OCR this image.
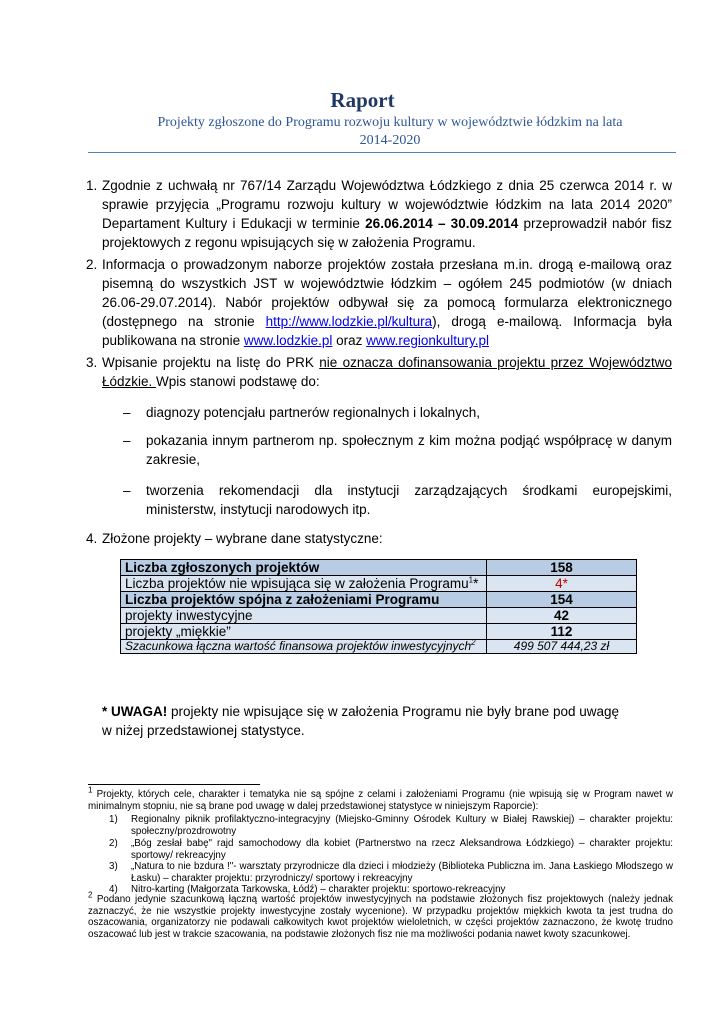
Raport
Projekty zgłoszone do Programu rozwoju kultury w województwie łódzkim na lata
2014-2020
1. Zgodnie z uchwałą nr 767/14 Zarządu Województwa Łódzkiego z dnia 25 czerwca 2014 r. w sprawie przyjęcia „Programu rozwoju kultury w województwie łódzkim na lata 2014 2020” Departament Kultury i Edukacji w terminie 26.06.2014 – 30.09.2014 przeprowadził nabór fisz projektowych z regonu wpisujących się w założenia Programu.
2. Informacja o prowadzonym naborze projektów została przesłana m.in. drogą e-mailową oraz pisemną do wszystkich JST w województwie łódzkim – ogółem 245 podmiotów (w dniach 26.06-29.07.2014). Nabór projektów odbywał się za pomocą formularza elektronicznego (dostępnego na stronie http://www.lodzkie.pl/kultura), drogą e-mailową. Informacja była publikowana na stronie www.lodzkie.pl oraz www.regionkultury.pl
3. Wpisanie projektu na listę do PRK nie oznacza dofinansowania projektu przez Województwo Łódzkie. Wpis stanowi podstawę do:
– diagnozy potencjału partnerów regionalnych i lokalnych,
– pokazania innym partnerom np. społecznym z kim można podjąć współpracę w danym zakresie,
– tworzenia rekomendacji dla instytucji zarządzających środkami europejskimi, ministerstw, instytucji narodowych itp.
4. Złożone projekty – wybrane dane statystyczne:
Liczba zgłoszonych projektów	158
Liczba projektów nie wpisująca się w założenia Programu$^1$*	4*
Liczba projektów spójna z założeniami Programu	154
projekty inwestycyjne	42
projekty „miękkie”	112
Szacunkowa łączna wartość finansowa projektów inwestycyjnych$^2$	499 507 444,23 zł
* UWAGA! projekty nie wpisujące się w założenia Programu nie były brane pod uwagę w niżej przedstawionej statystyce.
$^1$ Projekty, których cele, charakter i tematyka nie są spójne z celami i założeniami Programu (nie wpisują się w Program nawet w minimalnym stopniu, nie są brane pod uwagę w dalej przedstawionej statystyce w niniejszym Raporcie):
1) Regionalny piknik profilaktyczno-integracyjny (Miejsko-Gminny Ośrodek Kultury w Białej Rawskiej) – charakter projektu: społeczny/prozdrowotny
2) „Bóg zesłał babę" rajd samochodowy dla kobiet (Partnerstwo na rzecz Aleksandrowa Łódzkiego) – charakter projektu: sportowy/ rekreacyjny
3) „Natura to nie bzdura !"- warsztaty przyrodnicze dla dzieci i młodzieży (Biblioteka Publiczna im. Jana Łaskiego Młodszego w Łasku) – charakter projektu: przyrodniczy/ sportowy i rekreacyjny
4) Nitro-karting (Małgorzata Tarkowska, Łódź) – charakter projektu: sportowo-rekreacyjny
$^2$ Podano jedynie szacunkową łączną wartość projektów inwestycyjnych na podstawie złożonych fisz projektowych (należy jednak zaznaczyć, że nie wszystkie projekty inwestycyjne zostały wycenione). W przypadku projektów miękkich kwota ta jest trudna do oszacowania, organizatorzy nie podawali całkowitych kwot projektów wieloletnich, w części projektów zaznaczono, że kwotę trudno oszacować lub jest w trakcie szacowania, na podstawie złożonych fisz nie ma możliwości podania nawet kwoty szacunkowej.
